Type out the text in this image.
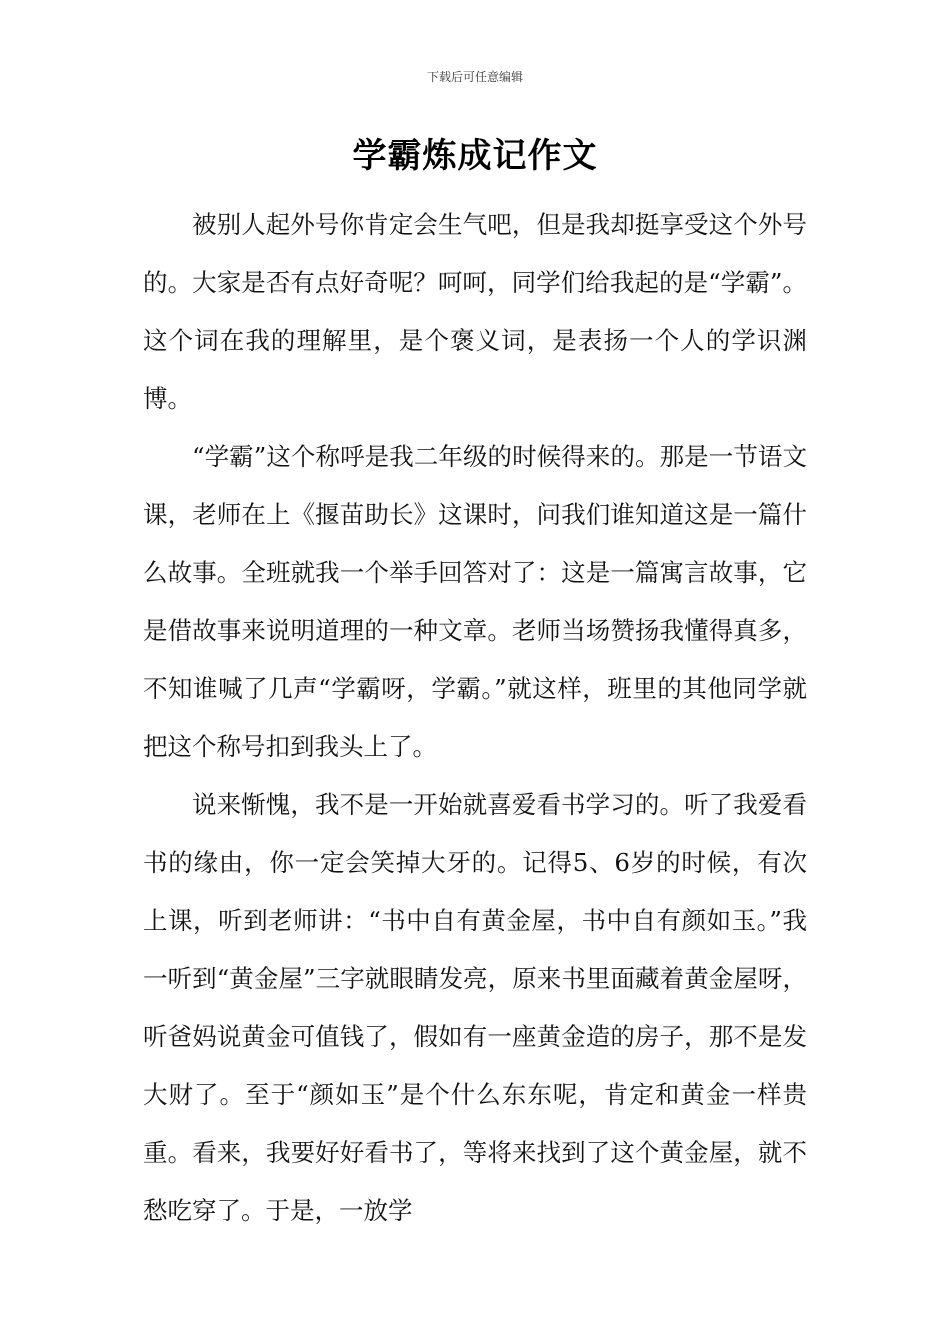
下载后可任意编辑
学霸炼成记作文

被别人起外号你肯定会生气吧，但是我却挺享受这个外号的。大家是否有点好奇呢？呵呵，同学们给我起的是“学霸”。这个词在我的理解里，是个褒义词，是表扬一个人的学识渊博。

“学霸”这个称呼是我二年级的时候得来的。那是一节语文课，老师在上《揠苗助长》这课时，问我们谁知道这是一篇什么故事。全班就我一个举手回答对了：这是一篇寓言故事，它是借故事来说明道理的一种文章。老师当场赞扬我懂得真多，不知谁喊了几声“学霸呀，学霸。”就这样，班里的其他同学就把这个称号扣到我头上了。

说来惭愧，我不是一开始就喜爱看书学习的。听了我爱看书的缘由，你一定会笑掉大牙的。记得5、6岁的时候，有次上课，听到老师讲：“书中自有黄金屋，书中自有颜如玉。”我一听到“黄金屋”三字就眼睛发亮，原来书里面藏着黄金屋呀，听爸妈说黄金可值钱了，假如有一座黄金造的房子，那不是发大财了。至于“颜如玉”是个什么东东呢，肯定和黄金一样贵重。看来，我要好好看书了，等将来找到了这个黄金屋，就不愁吃穿了。于是，一放学
